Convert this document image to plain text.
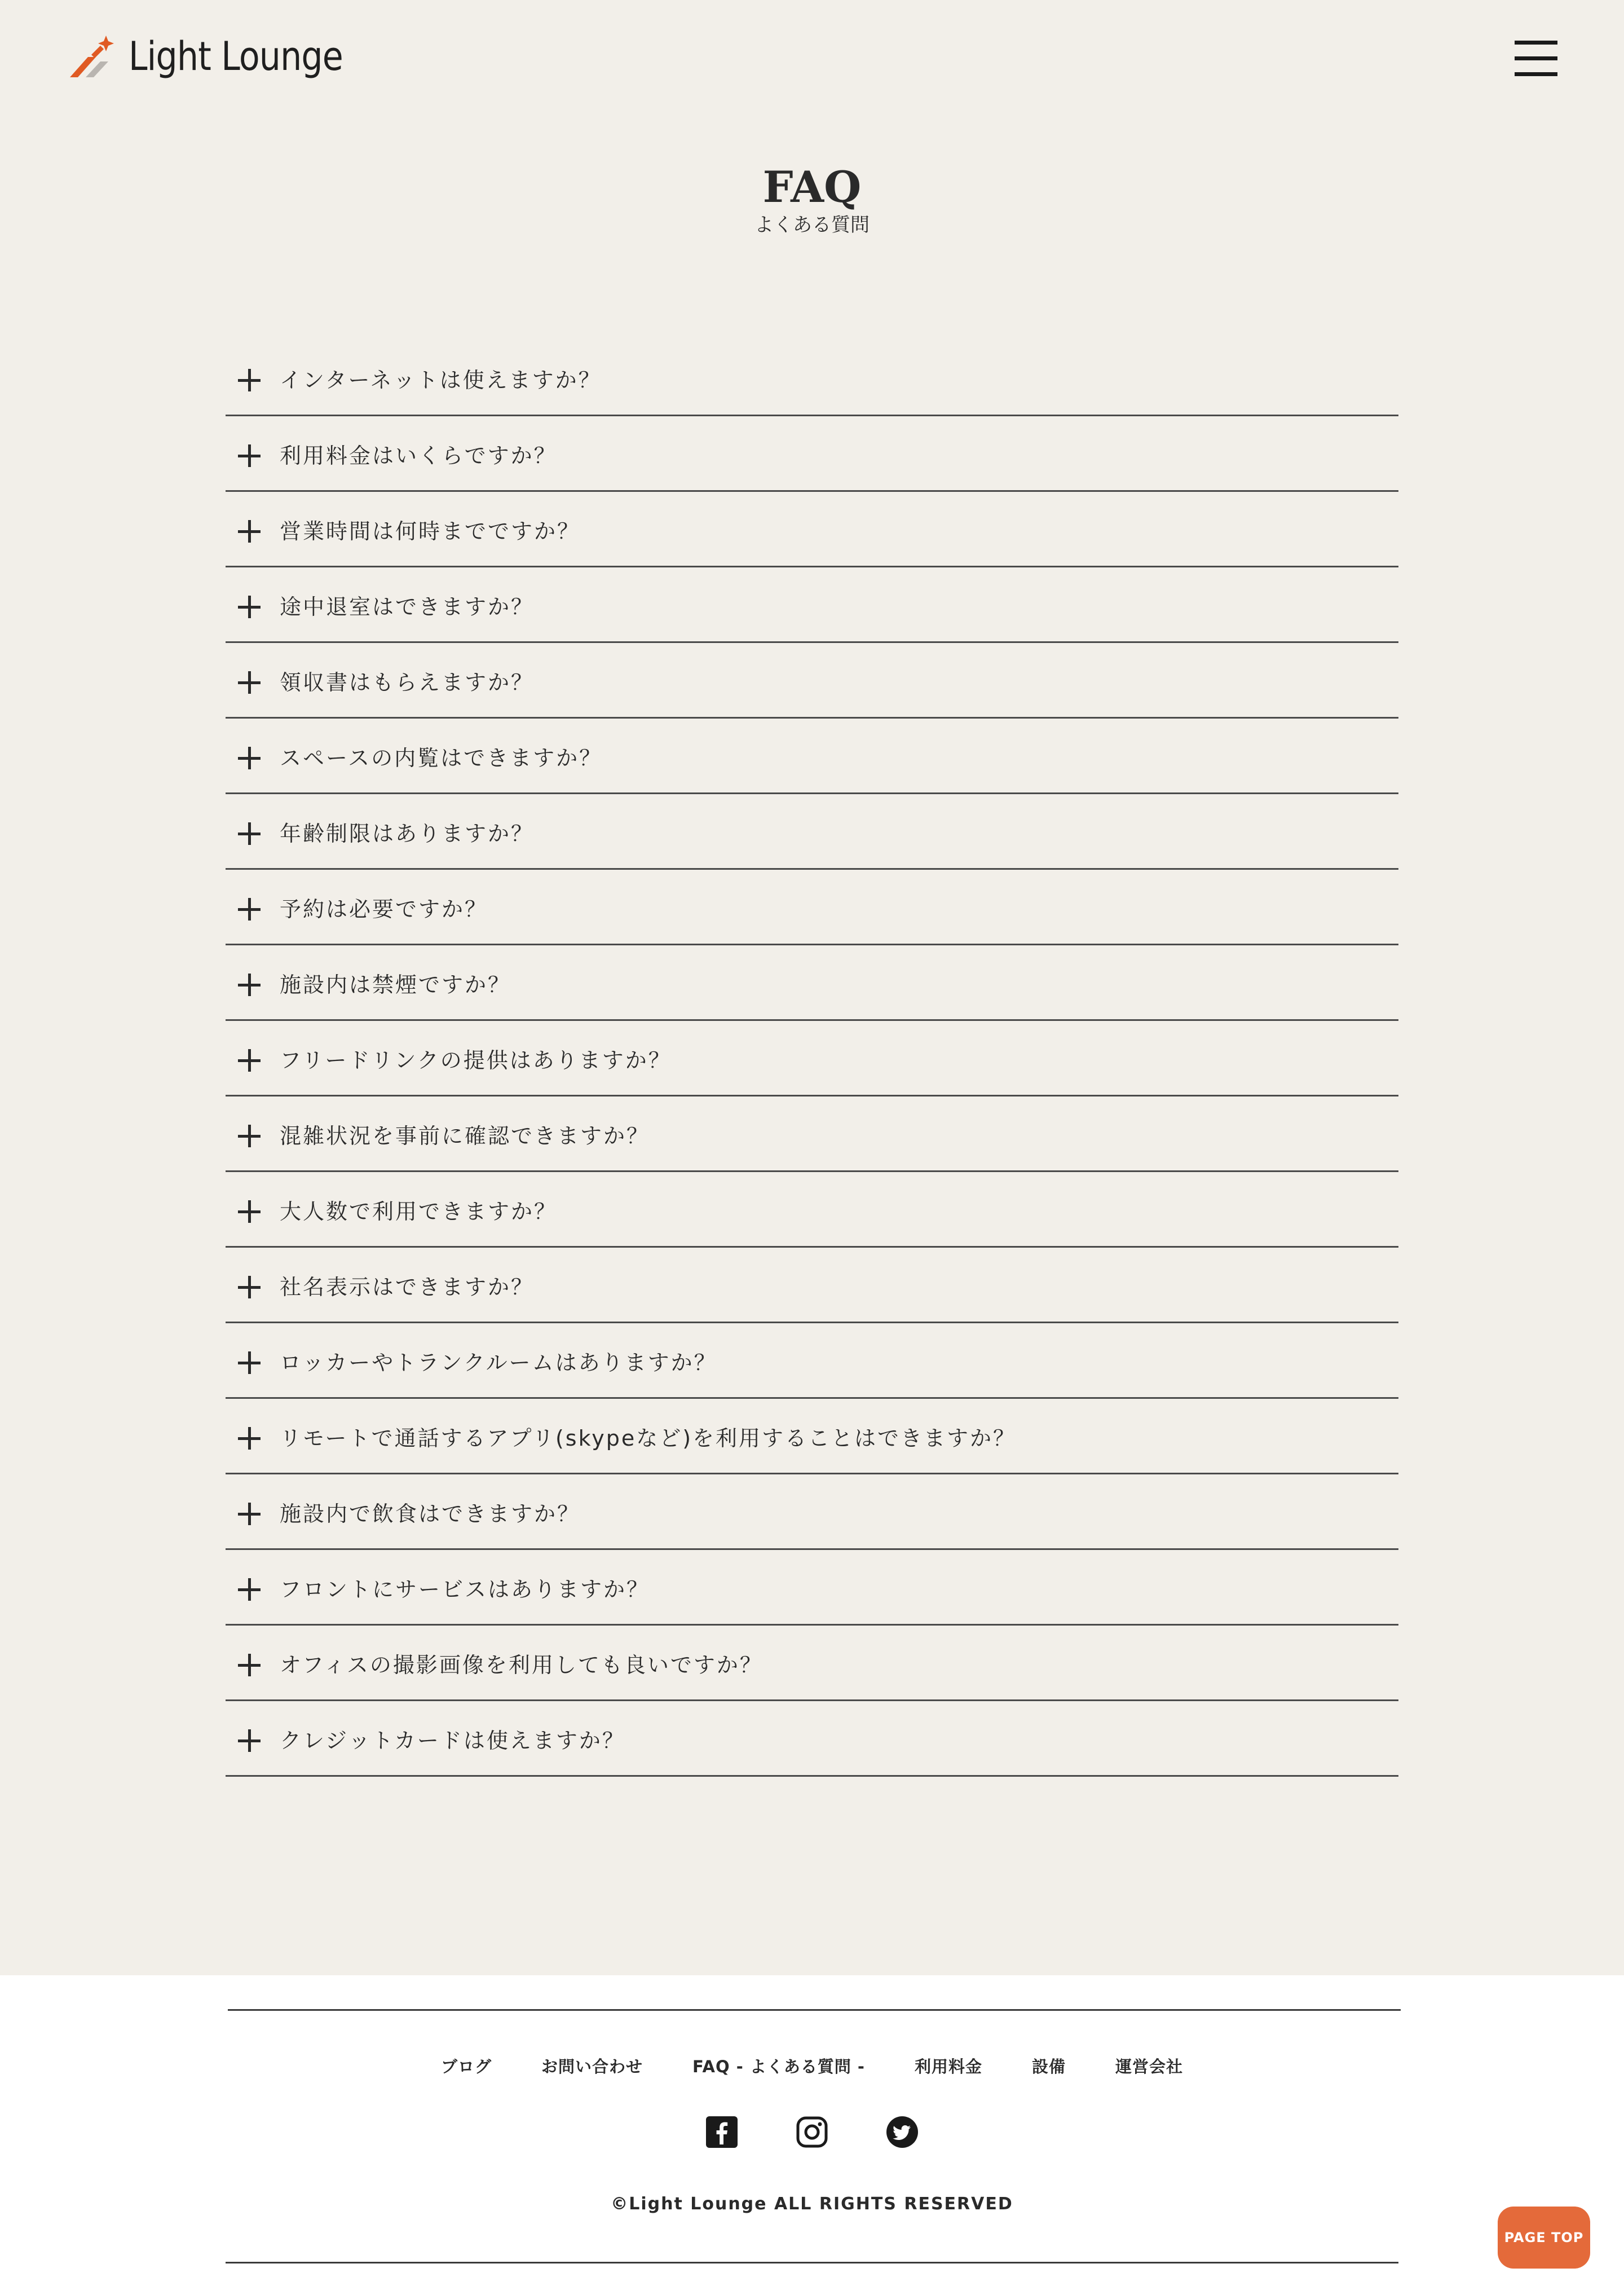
Light Lounge
FAQ
よくある質問
インターネットは使えますか？
利用料金はいくらですか？
営業時間は何時までですか？
途中退室はできますか？
領収書はもらえますか？
スペースの内覧はできますか？
年齢制限はありますか？
予約は必要ですか？
施設内は禁煙ですか？
フリードリンクの提供はありますか？
混雑状況を事前に確認できますか？
大人数で利用できますか？
社名表示はできますか？
ロッカーやトランクルームはありますか？
リモートで通話するアプリ(skypeなど)を利用することはできますか？
施設内で飲食はできますか？
フロントにサービスはありますか？
オフィスの撮影画像を利用しても良いですか？
クレジットカードは使えますか？
ブログ	お問い合わせ	FAQ - よくある質問 -	利用料金	設備	運営会社
©Light Lounge ALL RIGHTS RESERVED
PAGE TOP
